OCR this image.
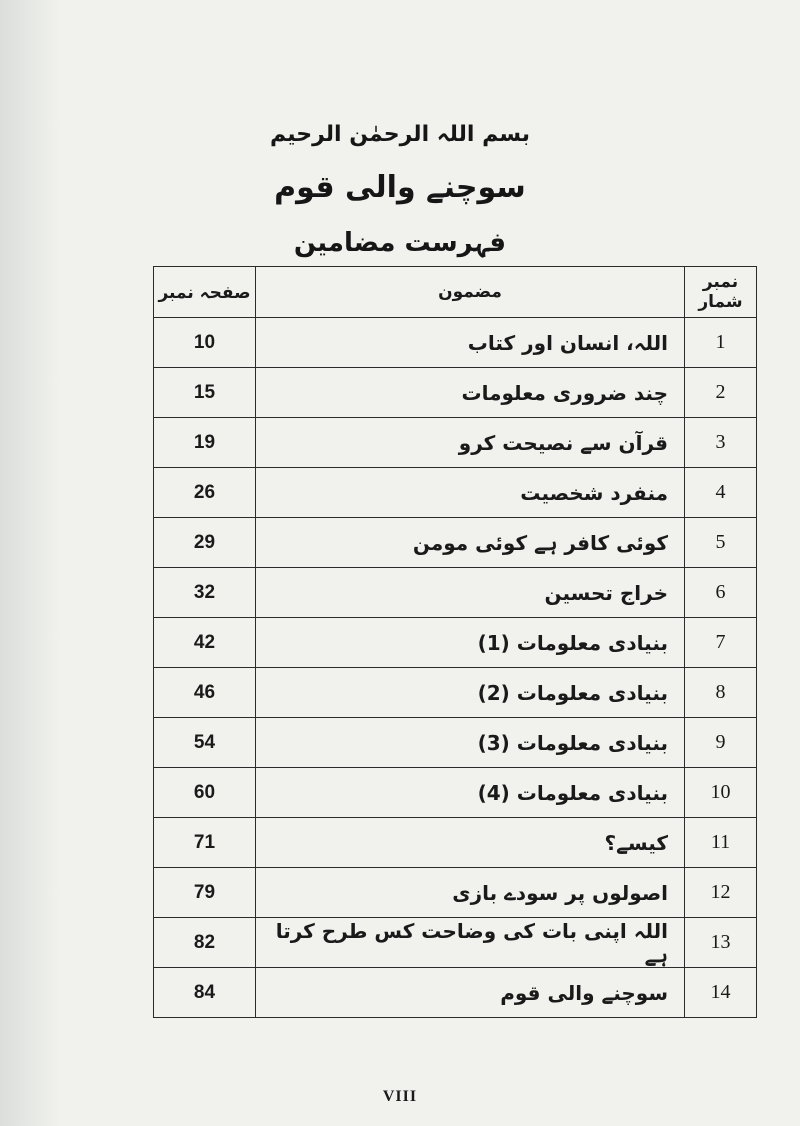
بسم اللہ الرحمٰن الرحیم
سوچنے والی قوم
فہرست مضامین
نمبر شمار	مضمون	صفحہ نمبر
1	اللہ، انسان اور کتاب	10
2	چند ضروری معلومات	15
3	قرآن سے نصیحت کرو	19
4	منفرد شخصیت	26
5	کوئی کافر ہے کوئی مومن	29
6	خراج تحسین	32
7	بنیادی معلومات (1)	42
8	بنیادی معلومات (2)	46
9	بنیادی معلومات (3)	54
10	بنیادی معلومات (4)	60
11	کیسے؟	71
12	اصولوں پر سودے بازی	79
13	اللہ اپنی بات کی وضاحت کس طرح کرتا ہے	82
14	سوچنے والی قوم	84
VIII
